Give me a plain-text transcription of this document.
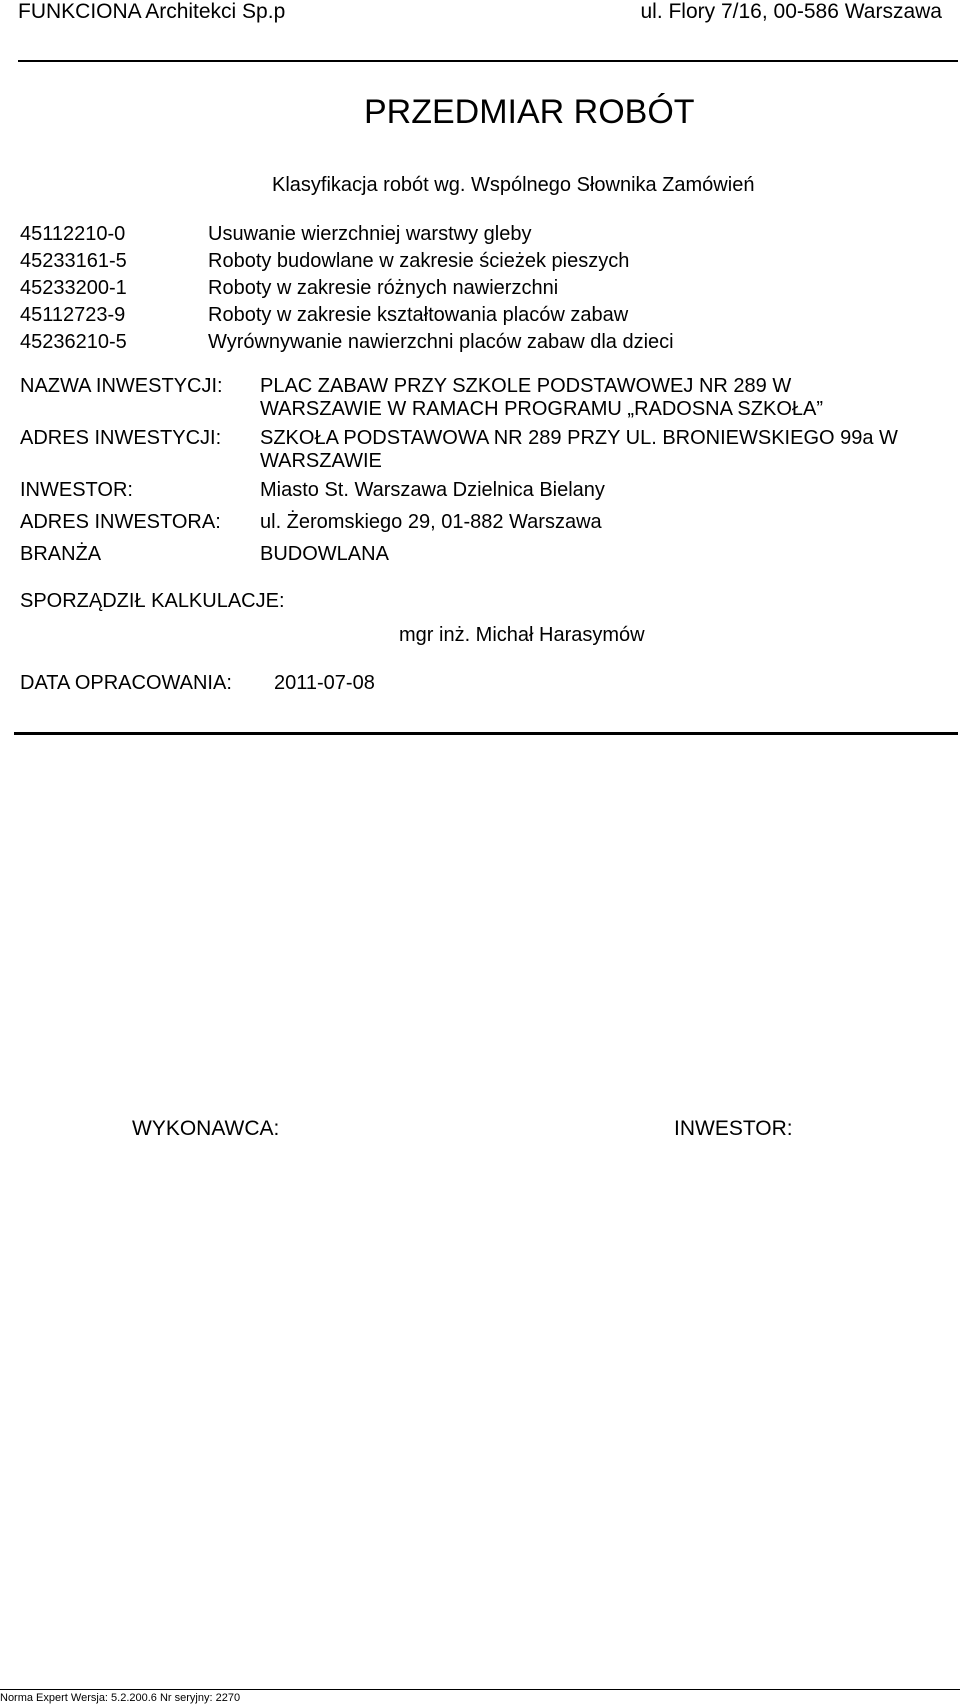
FUNKCIONA Architekci Sp.p	ul. Flory 7/16, 00-586 Warszawa
PRZEDMIAR ROBÓT
Klasyfikacja robót wg. Wspólnego Słownika Zamówień
45112210-0	Usuwanie wierzchniej warstwy gleby
45233161-5	Roboty budowlane w zakresie ścieżek pieszych
45233200-1	Roboty w zakresie różnych nawierzchni
45112723-9	Roboty w zakresie kształtowania placów zabaw
45236210-5	Wyrównywanie nawierzchni placów zabaw dla dzieci
NAZWA INWESTYCJI: PLAC ZABAW PRZY SZKOLE PODSTAWOWEJ NR 289 W
WARSZAWIE W RAMACH PROGRAMU „RADOSNA SZKOŁA”
ADRES INWESTYCJI: SZKOŁA PODSTAWOWA NR 289 PRZY UL. BRONIEWSKIEGO 99a W
WARSZAWIE
INWESTOR:	Miasto St. Warszawa Dzielnica Bielany
ADRES INWESTORA: ul. Żeromskiego 29, 01-882 Warszawa
BRANŻA	BUDOWLANA
SPORZĄDZIŁ KALKULACJE:
mgr inż. Michał Harasymów
DATA OPRACOWANIA: 2011-07-08
WYKONAWCA:	INWESTOR:
Norma Expert Wersja: 5.2.200.6 Nr seryjny: 2270
